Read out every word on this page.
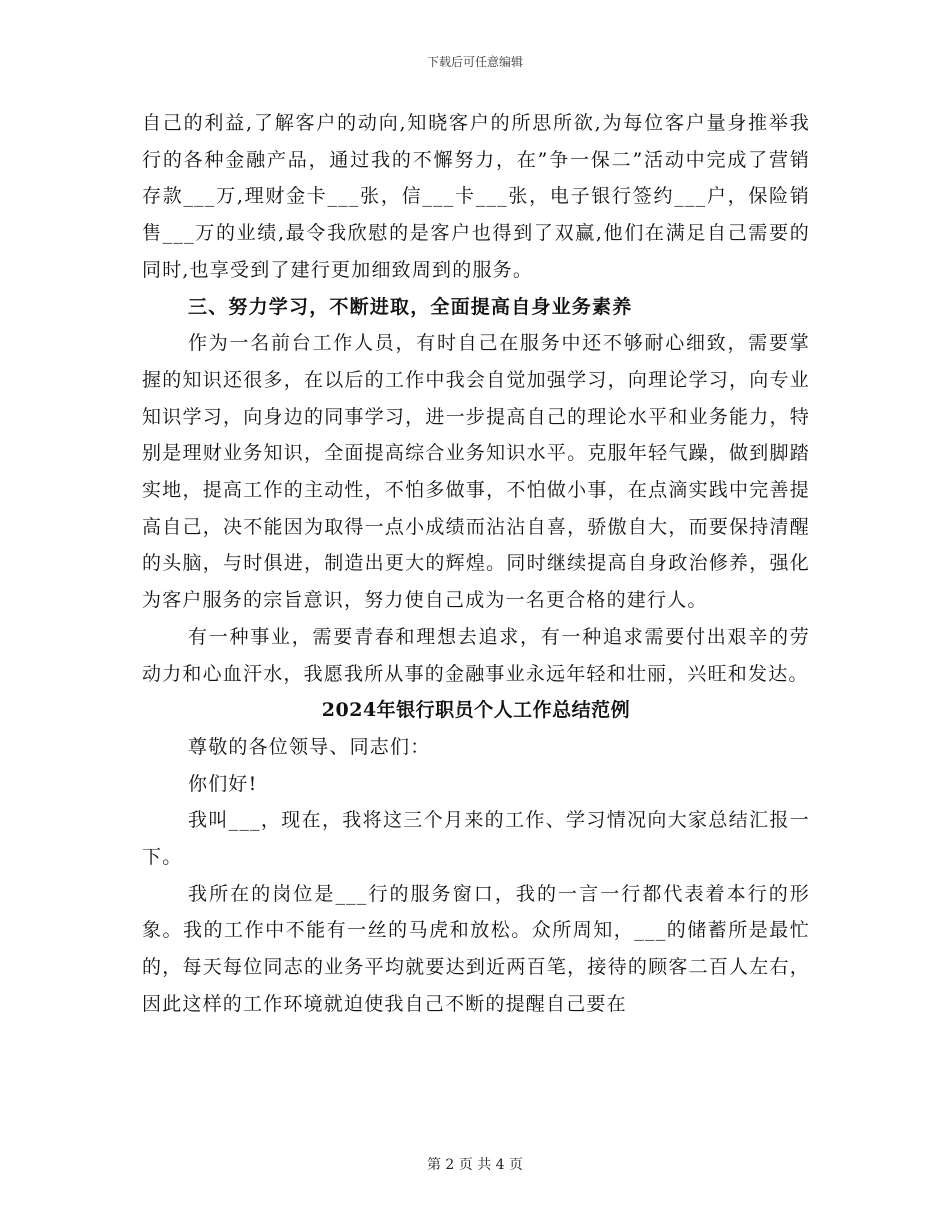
下载后可任意编辑

自己的利益,了解客户的动向,知晓客户的所思所欲,为每位客户量身推举我行的各种金融产品，通过我的不懈努力，在”争一保二”活动中完成了营销存款___万,理财金卡___张，信___卡___张，电子银行签约___户，保险销售___万的业绩,最令我欣慰的是客户也得到了双赢,他们在满足自己需要的同时,也享受到了建行更加细致周到的服务。

三、努力学习，不断进取，全面提高自身业务素养

作为一名前台工作人员，有时自己在服务中还不够耐心细致，需要掌握的知识还很多，在以后的工作中我会自觉加强学习，向理论学习，向专业知识学习，向身边的同事学习，进一步提高自己的理论水平和业务能力，特别是理财业务知识，全面提高综合业务知识水平。克服年轻气躁，做到脚踏实地，提高工作的主动性，不怕多做事，不怕做小事，在点滴实践中完善提高自己，决不能因为取得一点小成绩而沾沾自喜，骄傲自大，而要保持清醒的头脑，与时俱进，制造出更大的辉煌。同时继续提高自身政治修养，强化为客户服务的宗旨意识，努力使自己成为一名更合格的建行人。

有一种事业，需要青春和理想去追求，有一种追求需要付出艰辛的劳动力和心血汗水，我愿我所从事的金融事业永远年轻和壮丽，兴旺和发达。

2024年银行职员个人工作总结范例

尊敬的各位领导、同志们：

你们好!

我叫___，现在，我将这三个月来的工作、学习情况向大家总结汇报一下。

我所在的岗位是___行的服务窗口，我的一言一行都代表着本行的形象。我的工作中不能有一丝的马虎和放松。众所周知，___的储蓄所是最忙的，每天每位同志的业务平均就要达到近两百笔，接待的顾客二百人左右，因此这样的工作环境就迫使我自己不断的提醒自己要在

第 2 页 共 4 页
